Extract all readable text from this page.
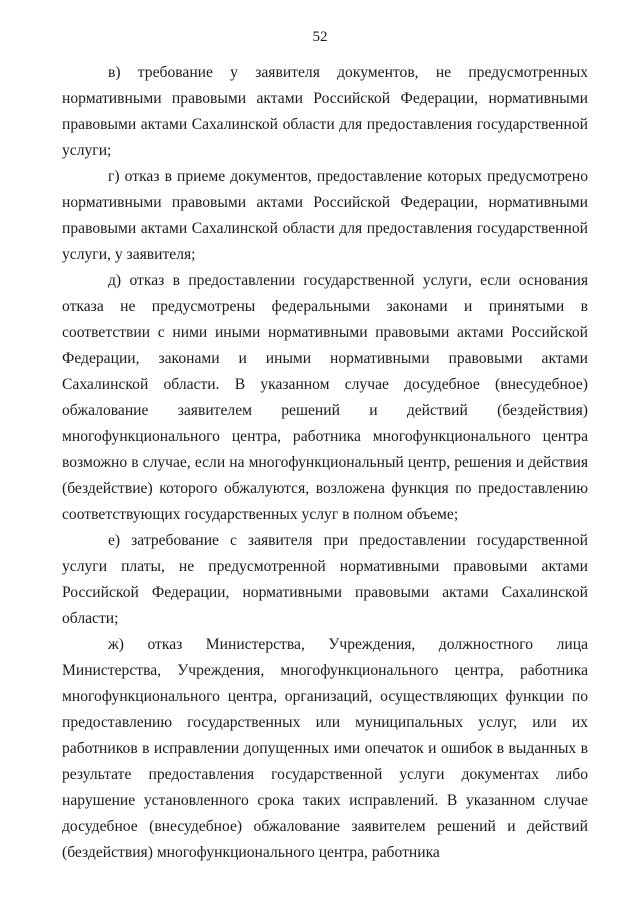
52

в) требование у заявителя документов, не предусмотренных нормативными правовыми актами Российской Федерации, нормативными правовыми актами Сахалинской области для предоставления государственной услуги;

г) отказ в приеме документов, предоставление которых предусмотрено нормативными правовыми актами Российской Федерации, нормативными правовыми актами Сахалинской области для предоставления государственной услуги, у заявителя;

д) отказ в предоставлении государственной услуги, если основания отказа не предусмотрены федеральными законами и принятыми в соответствии с ними иными нормативными правовыми актами Российской Федерации, законами и иными нормативными правовыми актами Сахалинской области. В указанном случае досудебное (внесудебное) обжалование заявителем решений и действий (бездействия) многофункционального центра, работника многофункционального центра возможно в случае, если на многофункциональный центр, решения и действия (бездействие) которого обжалуются, возложена функция по предоставлению соответствующих государственных услуг в полном объеме;

е) затребование с заявителя при предоставлении государственной услуги платы, не предусмотренной нормативными правовыми актами Российской Федерации, нормативными правовыми актами Сахалинской области;

ж) отказ Министерства, Учреждения, должностного лица Министерства, Учреждения, многофункционального центра, работника многофункционального центра, организаций, осуществляющих функции по предоставлению государственных или муниципальных услуг, или их работников в исправлении допущенных ими опечаток и ошибок в выданных в результате предоставления государственной услуги документах либо нарушение установленного срока таких исправлений. В указанном случае досудебное (внесудебное) обжалование заявителем решений и действий (бездействия) многофункционального центра, работника
